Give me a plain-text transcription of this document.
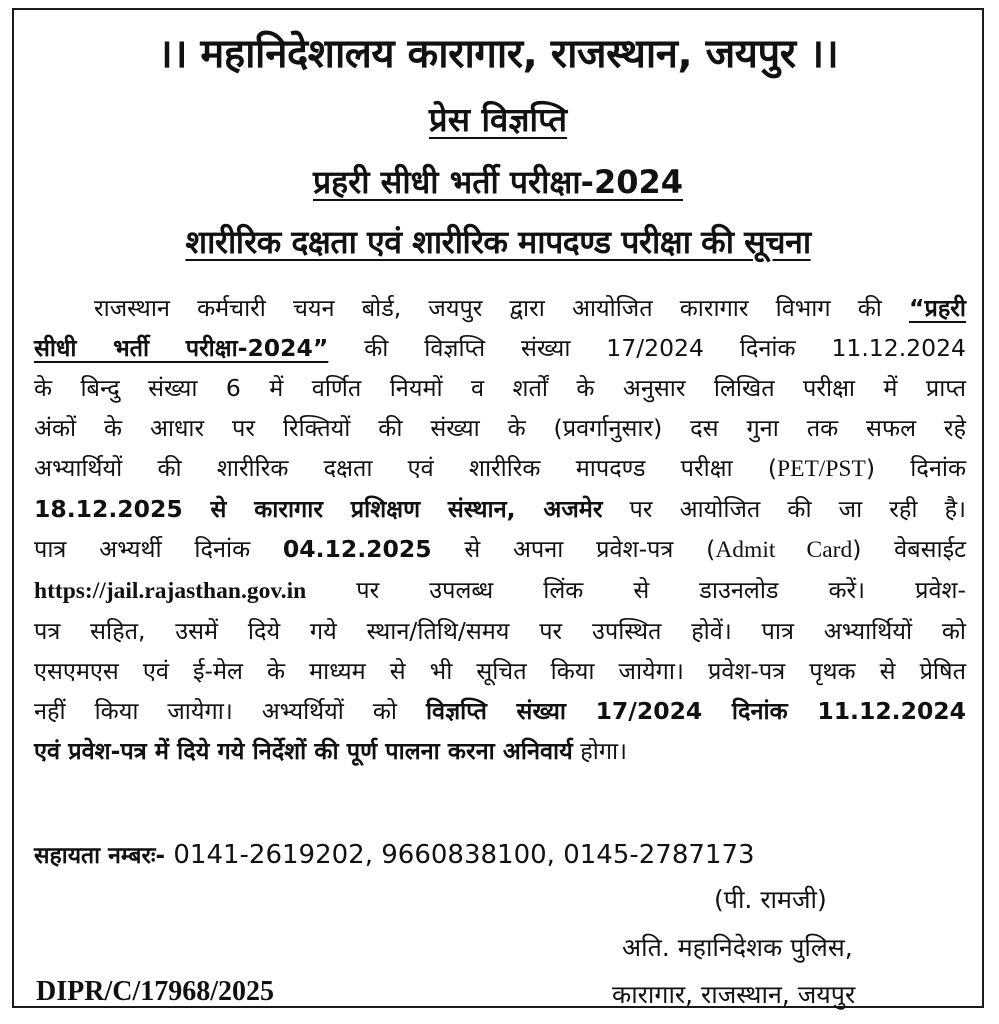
।। महानिदेशालय कारागार, राजस्थान, जयपुर ।।
प्रेस विज्ञप्ति
प्रहरी सीधी भर्ती परीक्षा-2024
शारीरिक दक्षता एवं शारीरिक मापदण्ड परीक्षा की सूचना

राजस्थान कर्मचारी चयन बोर्ड, जयपुर द्वारा आयोजित कारागार विभाग की “प्रहरी

सीधी भर्ती परीक्षा-2024” की विज्ञप्ति संख्या 17/2024 दिनांक 11.12.2024

के बिन्दु संख्या 6 में वर्णित नियमों व शर्तों के अनुसार लिखित परीक्षा में प्राप्त

अंकों के आधार पर रिक्तियों की संख्या के (प्रवर्गानुसार) दस गुना तक सफल रहे

अभ्यार्थियों की शारीरिक दक्षता एवं शारीरिक मापदण्ड परीक्षा (PET/PST) दिनांक

18.12.2025 से कारागार प्रशिक्षण संस्थान, अजमेर पर आयोजित की जा रही है।

पात्र अभ्यर्थी दिनांक 04.12.2025 से अपना प्रवेश-पत्र (Admit Card) वेबसाईट

https://jail.rajasthan.gov.in पर उपलब्ध लिंक से डाउनलोड करें। प्रवेश-

पत्र सहित, उसमें दिये गये स्थान/तिथि/समय पर उपस्थित होवें। पात्र अभ्यार्थियों को

एसएमएस एवं ई-मेल के माध्यम से भी सूचित किया जायेगा। प्रवेश-पत्र पृथक से प्रेषित

नहीं किया जायेगा। अभ्यर्थियों को विज्ञप्ति संख्या 17/2024 दिनांक 11.12.2024

एवं प्रवेश-पत्र में दिये गये निर्देशों की पूर्ण पालना करना अनिवार्य होगा।

सहायता नम्बरः- 0141-2619202, 9660838100, 0145-2787173
(पी. रामजी)
अति. महानिदेशक पुलिस,
कारागार, राजस्थान, जयपुर
DIPR/C/17968/2025
